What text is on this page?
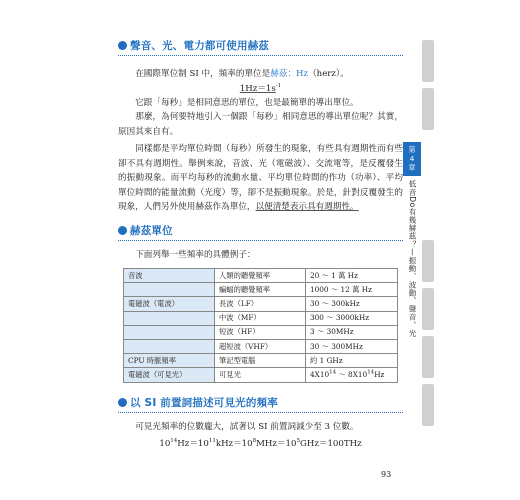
聲音、光、電力都可使用赫茲

在國際單位制 SI 中，頻率的單位是赫茲：Hz（herz）。

$1Hz=1s^{-1}$

它跟「每秒」是相同意思的單位，也是最簡單的導出單位。

那麼，為何要特地引入一個跟「每秒」相同意思的導出單位呢？其實，原因其來自有。

同樣都是平均單位時間（每秒）所發生的現象，有些具有週期性而有些卻不具有週期性。舉例來說，音波、光（電磁波）、交流電等，是反覆發生的振動現象。而平均每秒的流動水量、平均單位時間的作功（功率）、平均單位時間的能量流動（光度）等，卻不是振動現象。於是，針對反覆發生的現象，人們另外使用赫茲作為單位，以便清楚表示具有週期性。

赫茲單位

下面列舉一些頻率的具體例子：

音波	人類的聽覺頻率	20 ～ 1 萬 Hz
	蝙蝠的聽覺頻率	1000 ～ 12 萬 Hz
電磁波（電波）	長波（LF）	30 ～ 300kHz
	中波（MF）	300 ～ 3000kHz
	短波（HF）	3 ～ 30MHz
	超短波（VHF）	30 ～ 300MHz
CPU 時脈頻率	筆記型電腦	約 1 GHz
電磁波（可見光）	可見光	$4X10^{14}$ ～ $8X10^{14}Hz$
以 SI 前置詞描述可見光的頻率

可見光頻率的位數龐大，試著以 SI 前置詞減少至 3 位數。

$10^{14}Hz=10^{11}kHz=10^8MHz=10^5GHz=100THz$
第
4
章
低音Do有幾赫茲？—振動、波動、聲音、光
93
